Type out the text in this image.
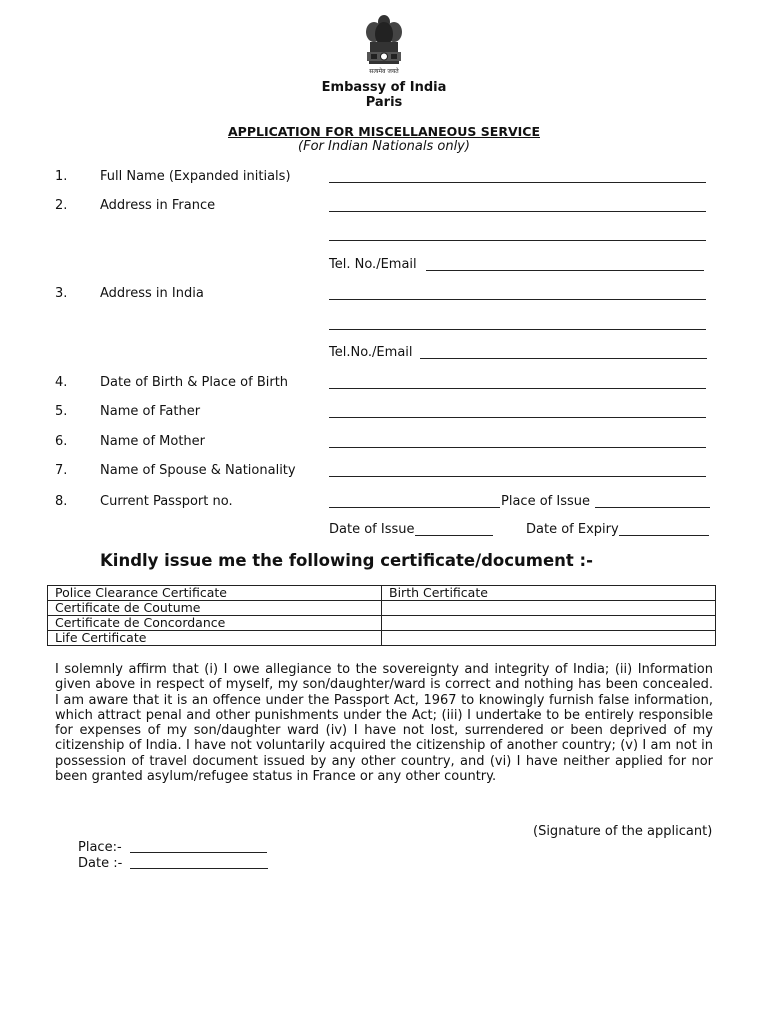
सत्यमेव जयते
Embassy of India
Paris
APPLICATION FOR MISCELLANEOUS SERVICE
(For Indian Nationals only)
1.	Full Name (Expanded initials)
2.	Address in France
Tel. No./Email
3.	Address in India
Tel.No./Email
4.	Date of Birth & Place of Birth
5.	Name of Father
6.	Name of Mother
7.	Name of Spouse & Nationality
8.	Current Passport no.	Place of Issue
Date of Issue	Date of Expiry
Kindly issue me the following certificate/document :-
Police Clearance Certificate	Birth Certificate
Certificate de Coutume	
Certificate de Concordance	
Life Certificate	
I solemnly affirm that (i) I owe allegiance to the sovereignty and integrity of India; (ii) Information given above in respect of myself, my son/daughter/ward is correct and nothing has been concealed. I am aware that it is an offence under the Passport Act, 1967 to knowingly furnish false information, which attract penal and other punishments under the Act; (iii) I undertake to be entirely responsible for expenses of my son/daughter ward (iv) I have not lost, surrendered or been deprived of my citizenship of India. I have not voluntarily acquired the citizenship of another country; (v) I am not in possession of travel document issued by any other country, and (vi) I have neither applied for nor been granted asylum/refugee status in France or any other country.
(Signature of the applicant)
Place:-
Date :-
